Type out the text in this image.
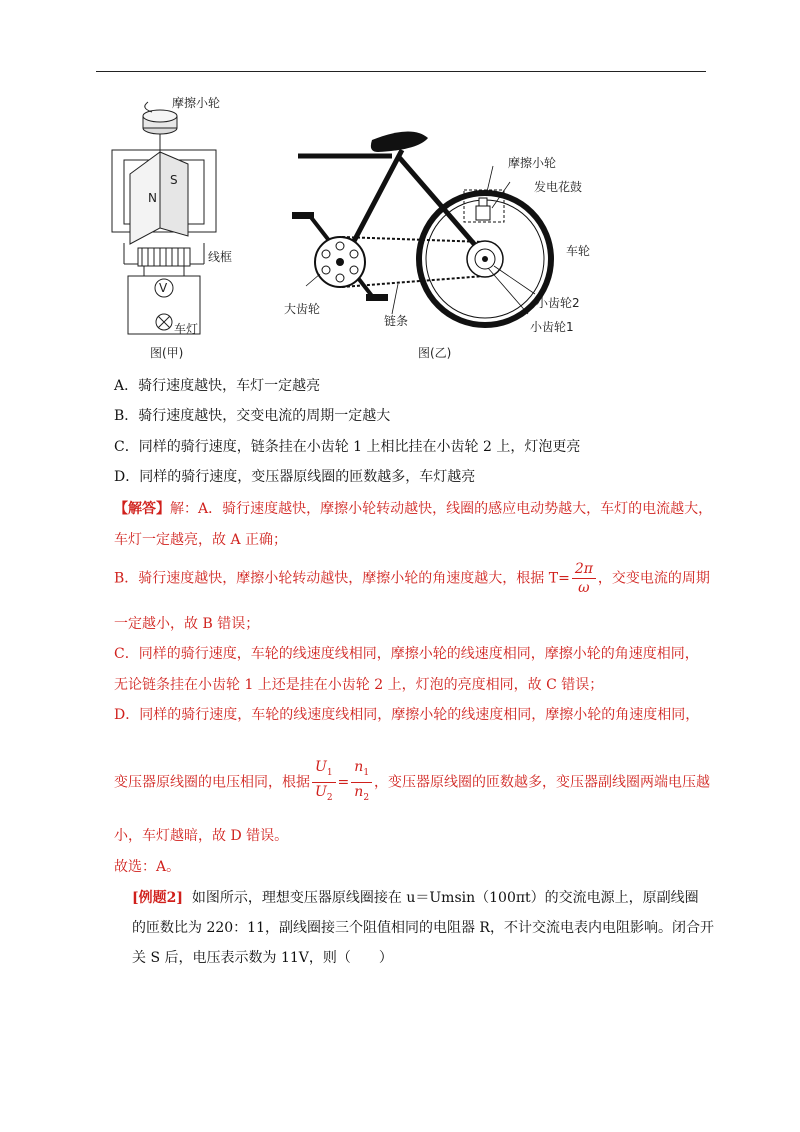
N
S
V
摩擦小轮
线框
车灯
图(甲)
摩擦小轮
发电花鼓
车轮
大齿轮
链条
小齿轮2
小齿轮1
图(乙)
A．骑行速度越快，车灯一定越亮
B．骑行速度越快，交变电流的周期一定越大
C．同样的骑行速度，链条挂在小齿轮 1 上相比挂在小齿轮 2 上，灯泡更亮
D．同样的骑行速度，变压器原线圈的匝数越多，车灯越亮
【解答】解：A．骑行速度越快，摩擦小轮转动越快，线圈的感应电动势越大，车灯的电流越大，
车灯一定越亮，故 A 正确；
B．骑行速度越快，摩擦小轮转动越快，摩擦小轮的角速度越大，根据 $T= \frac{2\pi}{\omega}$ ，交变电流的周期
一定越小，故 B 错误；
C．同样的骑行速度，车轮的线速度线相同，摩擦小轮的线速度相同，摩擦小轮的角速度相同，
无论链条挂在小齿轮 1 上还是挂在小齿轮 2 上，灯泡的亮度相同，故 C 错误；
D．同样的骑行速度，车轮的线速度线相同，摩擦小轮的线速度相同，摩擦小轮的角速度相同，
变压器原线圈的电压相同，根据 $\frac{U_1}{U_2} = \frac{n_1}{n_2}$ ，变压器原线圈的匝数越多，变压器副线圈两端电压越
小，车灯越暗，故 D 错误。
故选：A。
[例题2] 如图所示，理想变压器原线圈接在 u＝Umsin（100πt）的交流电源上，原副线圈
的匝数比为 220：11，副线圈接三个阻值相同的电阻器 R，不计交流电表内电阻影响。闭合开
关 S 后，电压表示数为 11V，则（　　）
